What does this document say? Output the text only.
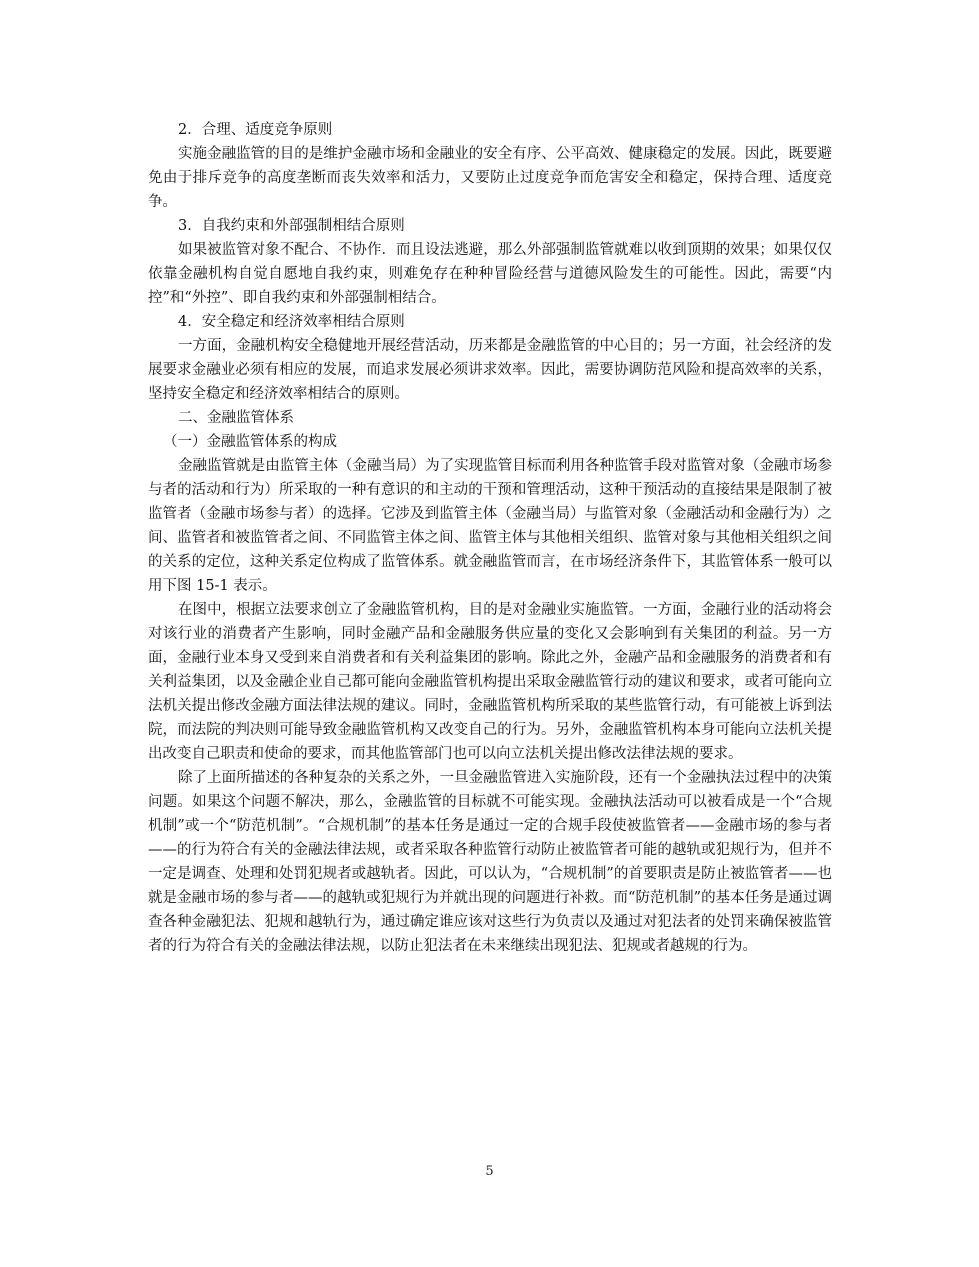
2．合理、适度竞争原则

实施金融监管的目的是维护金融市场和金融业的安全有序、公平高效、健康稳定的发展。因此，既要避免由于排斥竞争的高度垄断而丧失效率和活力，又要防止过度竞争而危害安全和稳定，保持合理、适度竞争。

3．自我约束和外部强制相结合原则

如果被监管对象不配合、不协作．而且设法逃避，那么外部强制监管就难以收到顶期的效果；如果仅仅依靠金融机构自觉自愿地自我约束，则难免存在种种冒险经营与道德风险发生的可能性。因此，需要“内控”和“外控”、即自我约束和外部强制相结合。

4．安全稳定和经济效率相结合原则

一方面，金融机构安全稳健地开展经营活动，历来都是金融监管的中心目的；另一方面，社会经济的发展要求金融业必须有相应的发展，而追求发展必须讲求效率。因此，需要协调防范风险和提高效率的关系，坚持安全稳定和经济效率相结合的原则。

二、金融监管体系

（一）金融监管体系的构成

金融监管就是由监管主体（金融当局）为了实现监管目标而利用各种监管手段对监管对象（金融市场参与者的活动和行为）所采取的一种有意识的和主动的干预和管理活动，这种干预活动的直接结果是限制了被监管者（金融市场参与者）的选择。它涉及到监管主体（金融当局）与监管对象（金融活动和金融行为）之间、监管者和被监管者之间、不同监管主体之间、监管主体与其他相关组织、监管对象与其他相关组织之间的关系的定位，这种关系定位构成了监管体系。就金融监管而言，在市场经济条件下，其监管体系一般可以用下图 15-1 表示。

在图中，根据立法要求创立了金融监管机构，目的是对金融业实施监管。一方面，金融行业的活动将会对该行业的消费者产生影响，同时金融产品和金融服务供应量的变化又会影响到有关集团的利益。另一方面，金融行业本身又受到来自消费者和有关利益集团的影响。除此之外，金融产品和金融服务的消费者和有关利益集团，以及金融企业自己都可能向金融监管机构提出采取金融监管行动的建议和要求，或者可能向立法机关提出修改金融方面法律法规的建议。同时，金融监管机构所采取的某些监管行动，有可能被上诉到法院，而法院的判决则可能导致金融监管机构又改变自己的行为。另外，金融监管机构本身可能向立法机关提出改变自己职责和使命的要求，而其他监管部门也可以向立法机关提出修改法律法规的要求。

除了上面所描述的各种复杂的关系之外，一旦金融监管进入实施阶段，还有一个金融执法过程中的决策问题。如果这个问题不解决，那么，金融监管的目标就不可能实现。金融执法活动可以被看成是一个“合规机制”或一个“防范机制”。“合规机制”的基本任务是通过一定的合规手段使被监管者——金融市场的参与者——的行为符合有关的金融法律法规，或者采取各种监管行动防止被监管者可能的越轨或犯规行为，但并不一定是调查、处理和处罚犯规者或越轨者。因此，可以认为，“合规机制”的首要职责是防止被监管者——也就是金融市场的参与者——的越轨或犯规行为并就出现的问题进行补救。而“防范机制”的基本任务是通过调查各种金融犯法、犯规和越轨行为，通过确定谁应该对这些行为负责以及通过对犯法者的处罚来确保被监管者的行为符合有关的金融法律法规，以防止犯法者在未来继续出现犯法、犯规或者越规的行为。

5
